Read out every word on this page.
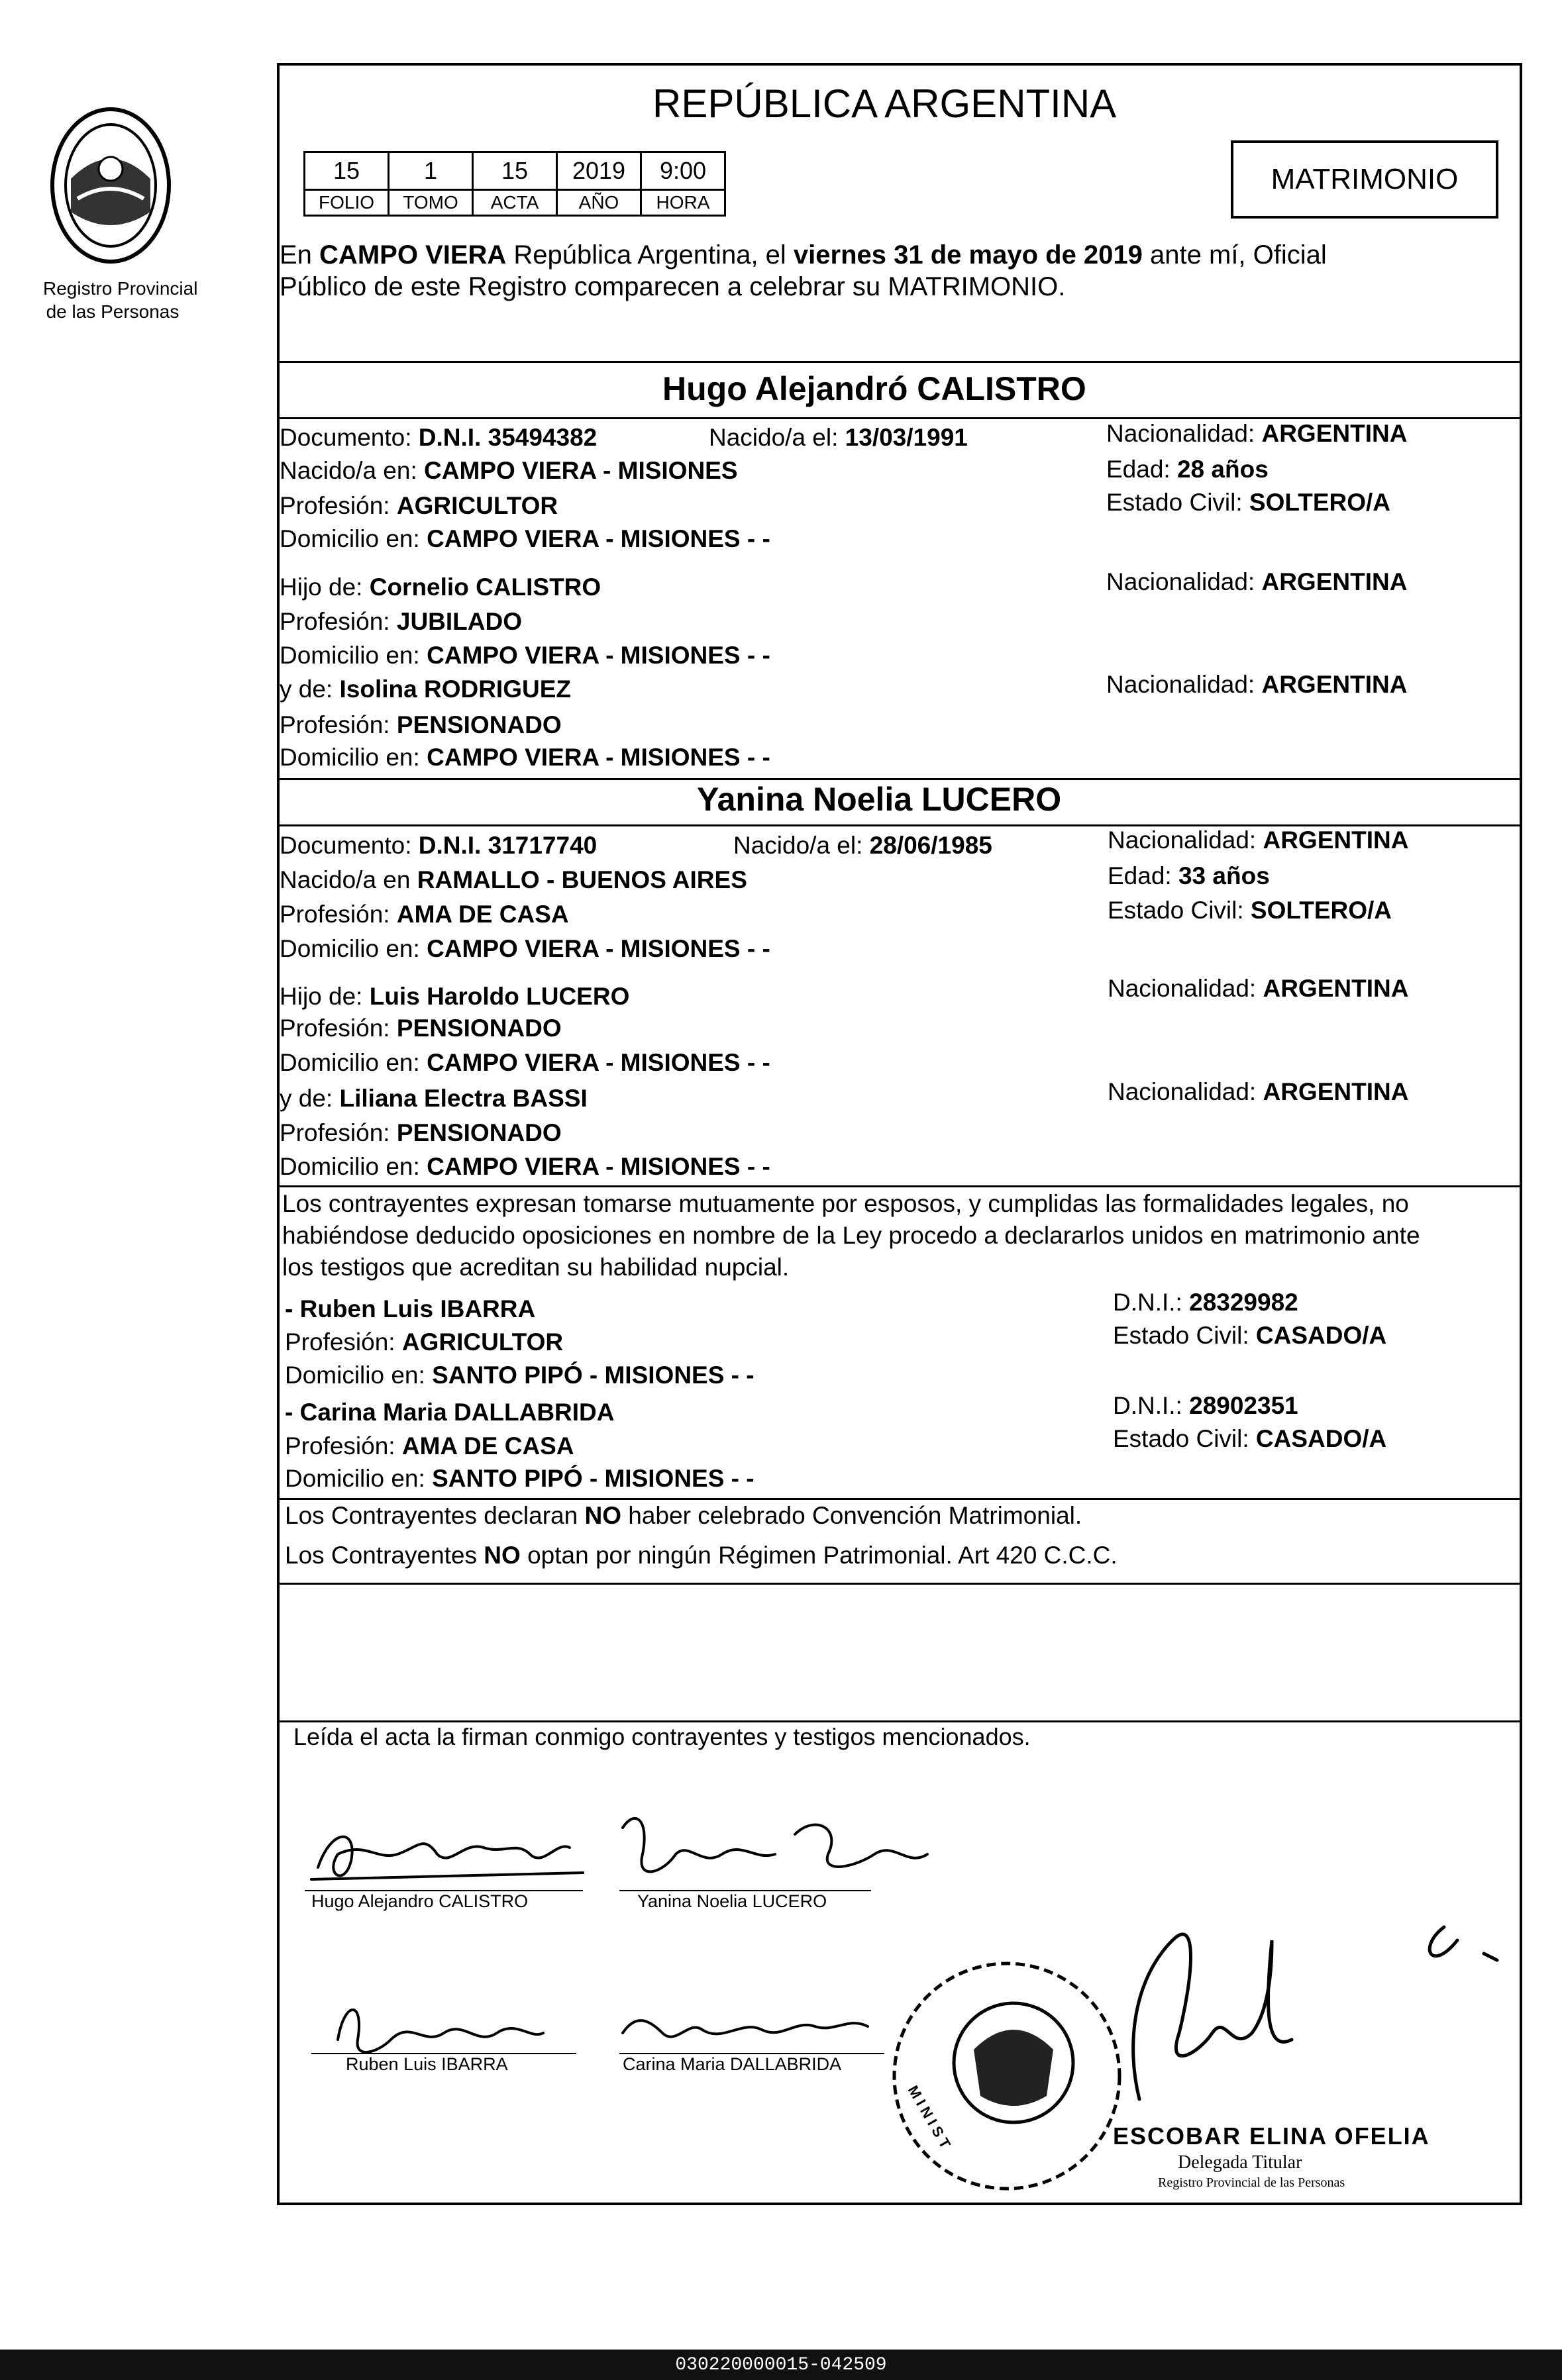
Registro Provincial
de las Personas
REPÚBLICA ARGENTINA
15	1	15	2019	9:00
FOLIO	TOMO	ACTA	AÑO	HORA
MATRIMONIO
En CAMPO VIERA República Argentina, el viernes 31 de mayo de 2019 ante mí, Oficial
Público de este Registro comparecen a celebrar su MATRIMONIO.
Hugo Alejandró CALISTRO
Documento: D.N.I. 35494382	Nacido/a el: 13/03/1991	Nacionalidad: ARGENTINA
Nacido/a en: CAMPO VIERA - MISIONES	Edad: 28 años
Profesión: AGRICULTOR	Estado Civil: SOLTERO/A
Domicilio en: CAMPO VIERA - MISIONES - -
Hijo de: Cornelio CALISTRO	Nacionalidad: ARGENTINA
Profesión: JUBILADO
Domicilio en: CAMPO VIERA - MISIONES - -
y de: Isolina RODRIGUEZ	Nacionalidad: ARGENTINA
Profesión: PENSIONADO
Domicilio en: CAMPO VIERA - MISIONES - -
Yanina Noelia LUCERO
Documento: D.N.I. 31717740	Nacido/a el: 28/06/1985	Nacionalidad: ARGENTINA
Nacido/a en RAMALLO - BUENOS AIRES	Edad: 33 años
Profesión: AMA DE CASA	Estado Civil: SOLTERO/A
Domicilio en: CAMPO VIERA - MISIONES - -
Hijo de: Luis Haroldo LUCERO	Nacionalidad: ARGENTINA
Profesión: PENSIONADO
Domicilio en: CAMPO VIERA - MISIONES - -
y de: Liliana Electra BASSI	Nacionalidad: ARGENTINA
Profesión: PENSIONADO
Domicilio en: CAMPO VIERA - MISIONES - -
Los contrayentes expresan tomarse mutuamente por esposos, y cumplidas las formalidades legales, no
habiéndose deducido oposiciones en nombre de la Ley procedo a declararlos unidos en matrimonio ante
los testigos que acreditan su habilidad nupcial.
- Ruben Luis IBARRA	D.N.I.: 28329982
Profesión: AGRICULTOR	Estado Civil: CASADO/A
Domicilio en: SANTO PIPÓ - MISIONES - -
- Carina Maria DALLABRIDA	D.N.I.: 28902351
Profesión: AMA DE CASA	Estado Civil: CASADO/A
Domicilio en: SANTO PIPÓ - MISIONES - -
Los Contrayentes declaran NO haber celebrado Convención Matrimonial.
Los Contrayentes NO optan por ningún Régimen Patrimonial. Art 420 C.C.C.
Leída el acta la firman conmigo contrayentes y testigos mencionados.
Hugo Alejandro CALISTRO	Yanina Noelia LUCERO
Ruben Luis IBARRA	Carina Maria DALLABRIDA
M I N I S T	ESCOBAR ELINA OFELIA
Delegada Titular
Registro Provincial de las Personas
030220000015-042509
